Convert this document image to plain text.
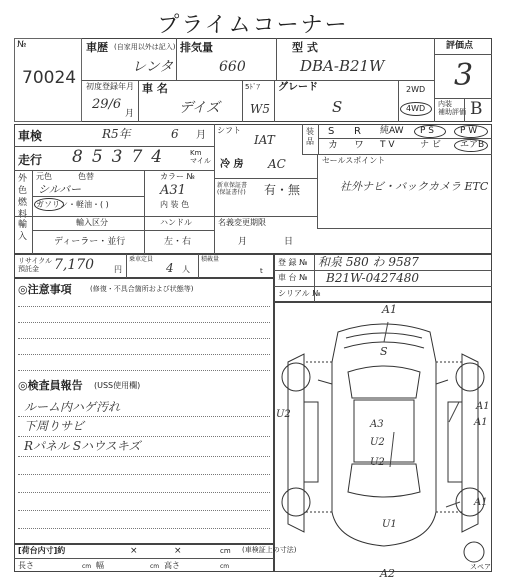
プライムコーナー
№
70024
車歴 (自家用以外は記入)
レンタ
排気量
660
型 式
DBA-B21W
評価点
3
内装
補助評価 B
初度登録年月
29/6
月
車 名
デイズ
5ﾄﾞｱ
W5
グレード
S
2WD
4WD
車検	R5年	6 月 シフト
IAT
装
品
S R 純AW P S	P W
カ ワ T V	ナ ビ エアB
走行 85374	Km
マイル 冷 房 AC	セールスポイント
社外ナビ・バックカメラ ETC
外
色
元色	色替
シルバー
カラー №
A31	新車保証書
(保証書付) 有・無
燃
料
ガソリン・軽油・( )	内 装 色
輸
入
輸入区分	ハンドル
ディーラー・並行	左・右
名義変更期限
月	日
リサイクル
預託金	7,170 円
乗車定員
4 人
積載量
t
登 録 № 和泉 580 わ 9587
車 台 № B21W-0427480
シリアル №
◎注意事項	(修復・不具合箇所および状態等)
◎検査員報告 (USS使用欄)
ルーム内ハゲ汚れ
下周りサビ
Rパネル Sハウスキズ
A1
S
U2
A1
A1
A3
U2
U2
A1
U1
A2	スペア
[荷台内寸]約	×	×	cm
長さ	cm 幅	cm 高さ	cm
(車検証上の寸法)
